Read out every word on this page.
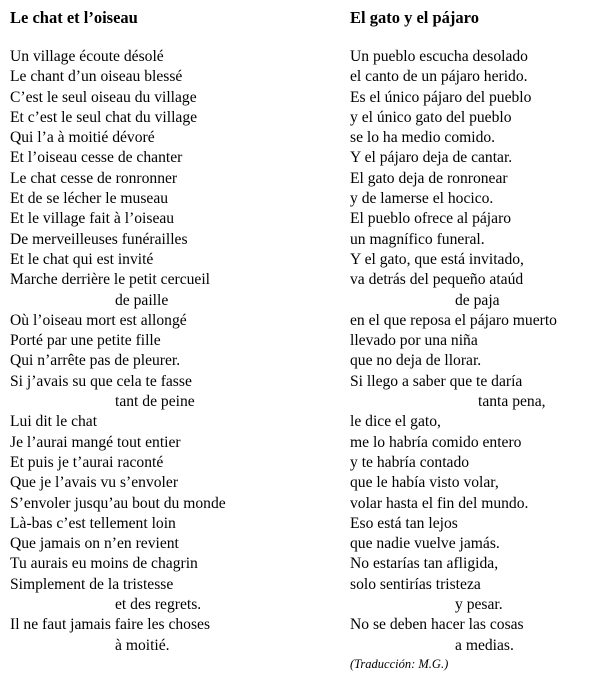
Le chat et l’oiseau
Un village écoute désolé
Le chant d’un oiseau blessé
C’est le seul oiseau du village
Et c’est le seul chat du village
Qui l’a à moitié dévoré
Et l’oiseau cesse de chanter
Le chat cesse de ronronner
Et de se lécher le museau
Et le village fait à l’oiseau
De merveilleuses funérailles
Et le chat qui est invité
Marche derrière le petit cercueil
de paille
Où l’oiseau mort est allongé
Porté par une petite fille
Qui n’arrête pas de pleurer.
Si j’avais su que cela te fasse
tant de peine
Lui dit le chat
Je l’aurai mangé tout entier
Et puis je t’aurai raconté
Que je l’avais vu s’envoler
S’envoler jusqu’au bout du monde
Là-bas c’est tellement loin
Que jamais on n’en revient
Tu aurais eu moins de chagrin
Simplement de la tristesse
et des regrets.
Il ne faut jamais faire les choses
à moitié.
El gato y el pájaro
Un pueblo escucha desolado
el canto de un pájaro herido.
Es el único pájaro del pueblo
y el único gato del pueblo
se lo ha medio comido.
Y el pájaro deja de cantar.
El gato deja de ronronear
y de lamerse el hocico.
El pueblo ofrece al pájaro
un magnífico funeral.
Y el gato, que está invitado,
va detrás del pequeño ataúd
de paja
en el que reposa el pájaro muerto
llevado por una niña
que no deja de llorar.
Si llego a saber que te daría
tanta pena,
le dice el gato,
me lo habría comido entero
y te habría contado
que le había visto volar,
volar hasta el fin del mundo.
Eso está tan lejos
que nadie vuelve jamás.
No estarías tan afligida,
solo sentirías tristeza
y pesar.
No se deben hacer las cosas
a medias.

(Traducción: M.G.)
